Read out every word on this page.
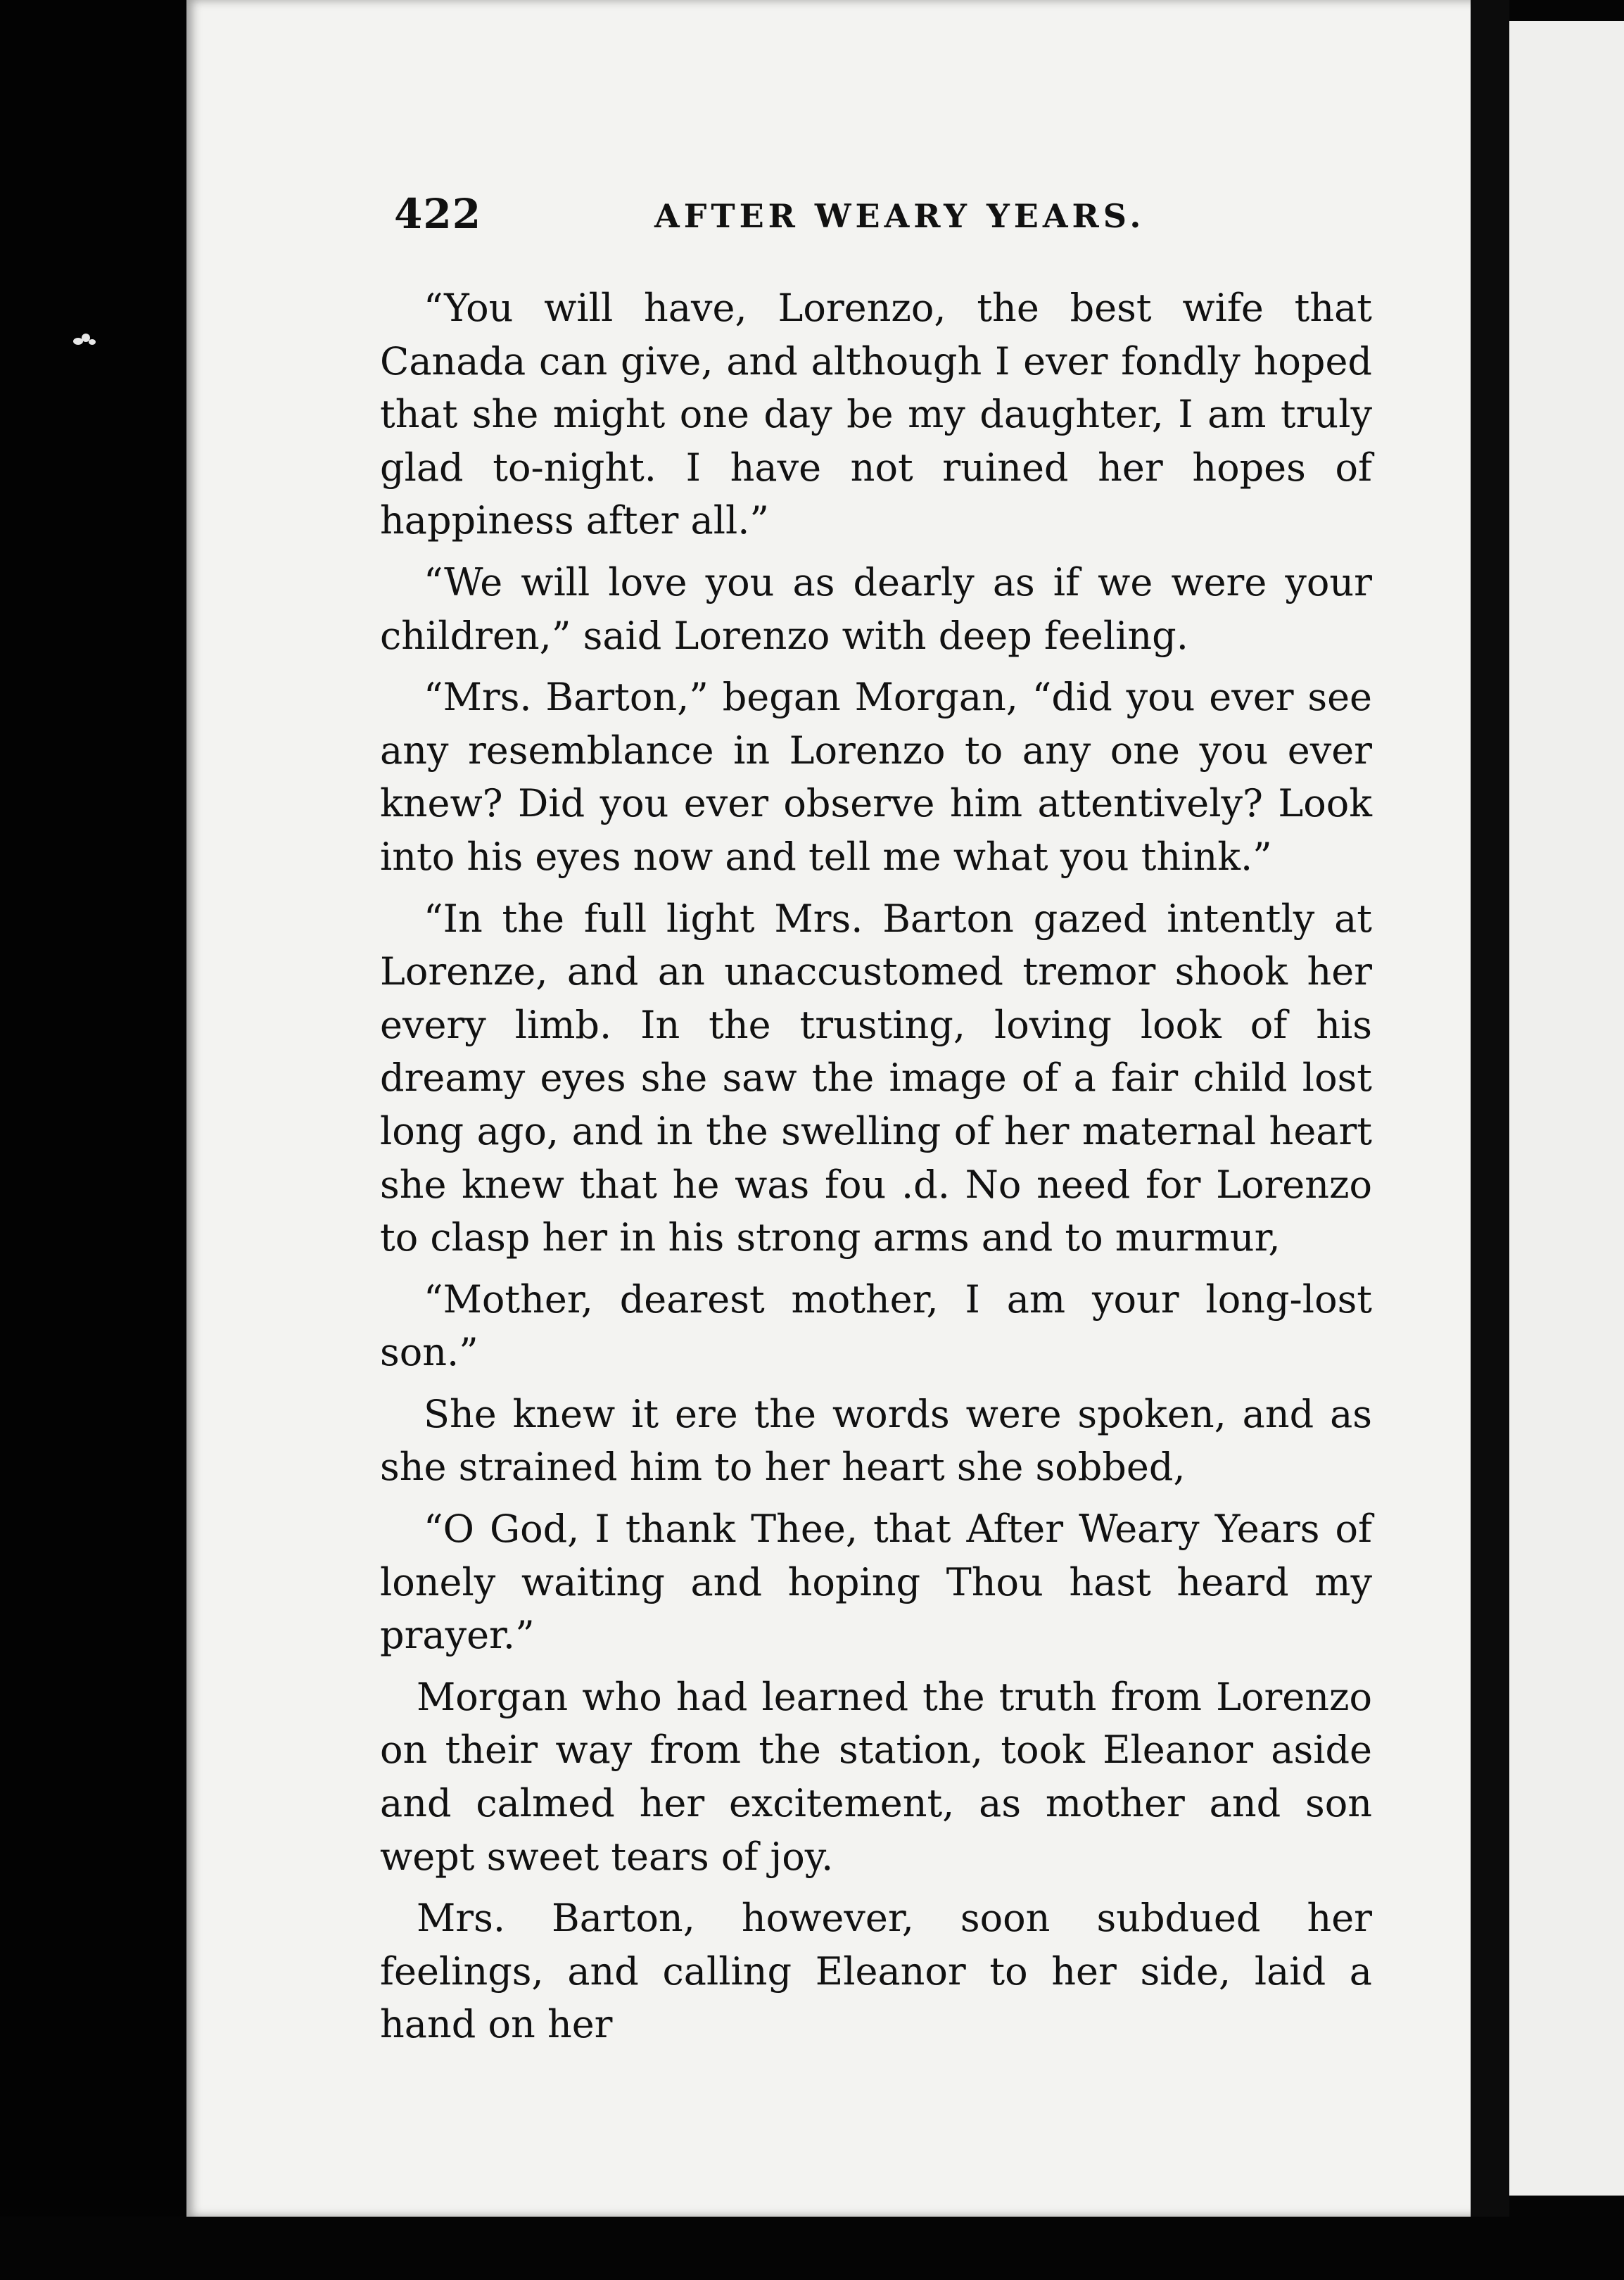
422	AFTER WEARY YEARS.

“You will have, Lorenzo, the best wife that Canada can give, and although I ever fondly hoped that she might one day be my daughter, I am truly glad to-night. I have not ruined her hopes of happiness after all.”

“We will love you as dearly as if we were your children,” said Lorenzo with deep feeling.

“Mrs. Barton,” began Morgan, “did you ever see any resemblance in Lorenzo to any one you ever knew? Did you ever observe him attentively? Look into his eyes now and tell me what you think.”

“In the full light Mrs. Barton gazed intently at Lorenze, and an unaccustomed tremor shook her every limb. In the trusting, loving look of his dreamy eyes she saw the image of a fair child lost long ago, and in the swelling of her maternal heart she knew that he was fou .d. No need for Lorenzo to clasp her in his strong arms and to murmur,

“Mother, dearest mother, I am your long-lost son.”

She knew it ere the words were spoken, and as she strained him to her heart she sobbed,

“O God, I thank Thee, that After Weary Years of lonely waiting and hoping Thou hast heard my prayer.”

Morgan who had learned the truth from Lorenzo on their way from the station, took Eleanor aside and calmed her excitement, as mother and son wept sweet tears of joy.

Mrs. Barton, however, soon subdued her feelings, and calling Eleanor to her side, laid a hand on her
